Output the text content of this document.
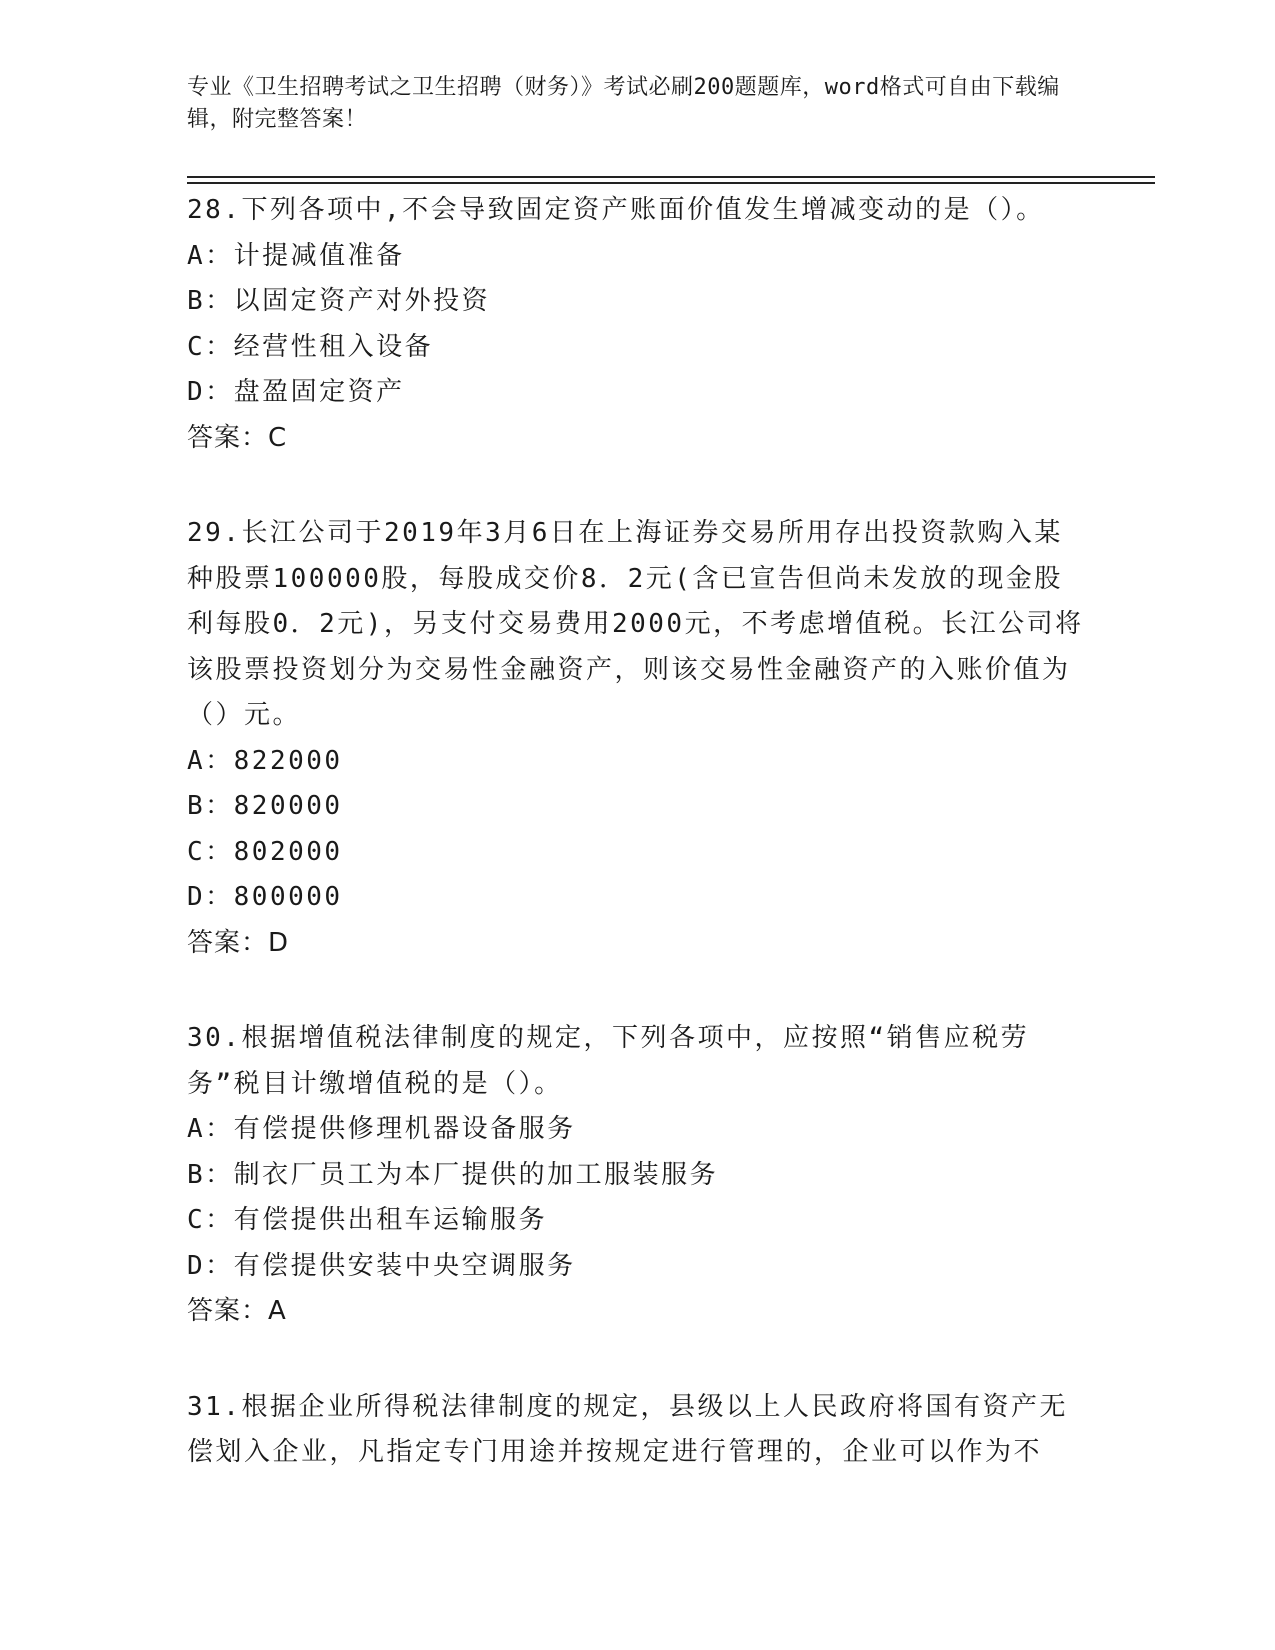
专业《卫生招聘考试之卫生招聘（财务）》考试必刷200题题库，word格式可自由下载编辑，附完整答案！

28.下列各项中,不会导致固定资产账面价值发生增减变动的是（）。

A：计提减值准备

B：以固定资产对外投资

C：经营性租入设备

D：盘盈固定资产

答案：C

29.长江公司于2019年3月6日在上海证券交易所用存出投资款购入某种股票100000股，每股成交价8．2元(含已宣告但尚未发放的现金股利每股0．2元)，另支付交易费用2000元，不考虑增值税。长江公司将该股票投资划分为交易性金融资产，则该交易性金融资产的入账价值为（）元。

A：822000

B：820000

C：802000

D：800000

答案：D

30.根据增值税法律制度的规定，下列各项中，应按照“销售应税劳务”税目计缴增值税的是（）。

A：有偿提供修理机器设备服务

B：制衣厂员工为本厂提供的加工服装服务

C：有偿提供出租车运输服务

D：有偿提供安装中央空调服务

答案：A

31.根据企业所得税法律制度的规定，县级以上人民政府将国有资产无偿划入企业，凡指定专门用途并按规定进行管理的，企业可以作为不
